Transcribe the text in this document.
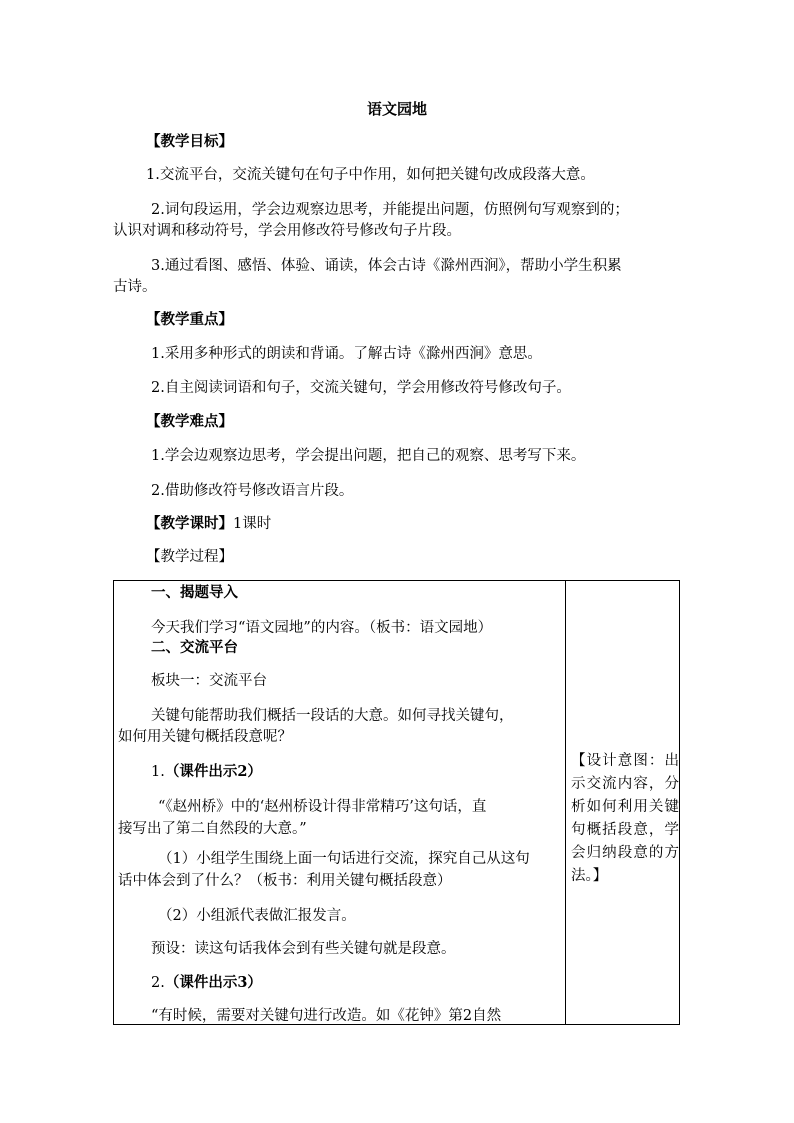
语文园地
【教学目标】
1.交流平台，交流关键句在句子中作用，如何把关键句改成段落大意。
2.词句段运用，学会边观察边思考，并能提出问题，仿照例句写观察到的；
认识对调和移动符号，学会用修改符号修改句子片段。
3.通过看图、感悟、体验、诵读，体会古诗《滁州西涧》，帮助小学生积累
古诗。
【教学重点】
1.采用多种形式的朗读和背诵。了解古诗《滁州西涧》意思。
2.自主阅读词语和句子，交流关键句，学会用修改符号修改句子。
【教学难点】
1.学会边观察边思考，学会提出问题，把自己的观察、思考写下来。
2.借助修改符号修改语言片段。
【教学课时】1课时
【教学过程】
一、揭题导入
今天我们学习“语文园地”的内容。（板书：语文园地）
二、交流平台
板块一：交流平台
关键句能帮助我们概括一段话的大意。如何寻找关键句，
如何用关键句概括段意呢？
1.（课件出示2）
“《赵州桥》中的‘赵州桥设计得非常精巧’这句话，直
接写出了第二自然段的大意。”
（1）小组学生围绕上面一句话进行交流，探究自己从这句
话中体会到了什么？（板书：利用关键句概括段意）
（2）小组派代表做汇报发言。
预设：读这句话我体会到有些关键句就是段意。
2.（课件出示3）
“有时候，需要对关键句进行改造。如《花钟》第2自然
【设计意图：出示交流内容，分析如何利用关键句概括段意，学会归纳段意的方法。】
